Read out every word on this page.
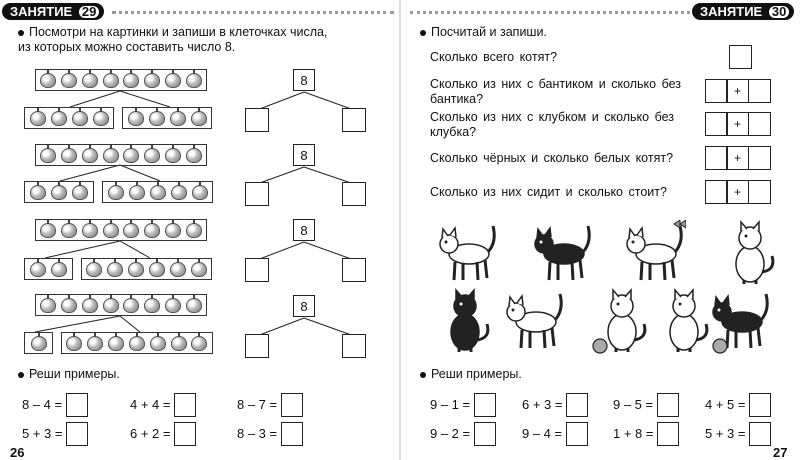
ЗАНЯТИЕ 29
Посмотри на картинки и запиши в клеточках числа, из которых можно составить число 8.
8
8
8
8
Реши примеры.
8 – 4 =	4 + 4 =	8 – 7 =
5 + 3 =	6 + 2 =	8 – 3 =
26
ЗАНЯТИЕ 30
Посчитай и запиши.
Сколько всего котят?
Сколько из них с бантиком и сколько без бантика?
Сколько из них с клубком и сколько без клубка?
Сколько чёрных и сколько белых котят?
Сколько из них сидит и сколько стоит?
+
+
+
+
Реши примеры.
9 – 1 =	6 + 3 =	9 – 5 =	4 + 5 =
9 – 2 =	9 – 4 =	1 + 8 =	5 + 3 =
27
